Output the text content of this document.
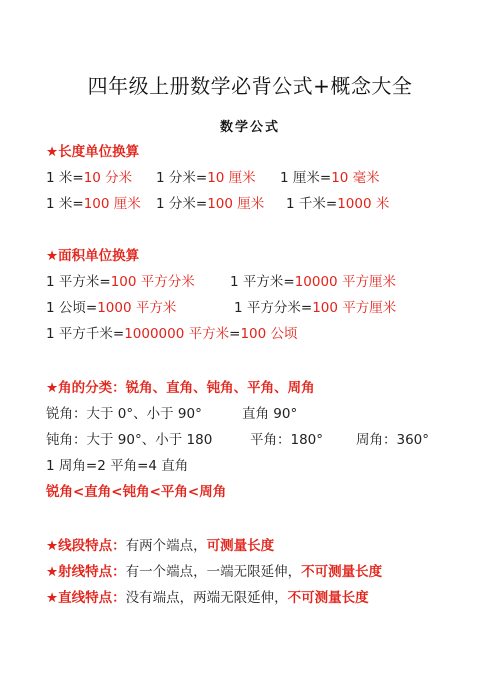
四年级上册数学必背公式+概念大全
数学公式
★长度单位换算
1 米=10 分米 1 分米=10 厘米 1 厘米=10 毫米
1 米=100 厘米 1 分米=100 厘米 1 千米=1000 米
★面积单位换算
1 平方米=100 平方分米	1 平方米=10000 平方厘米
1 公顷=1000 平方米	1 平方分米=100 平方厘米
1 平方千米=1000000 平方米=100 公顷
★角的分类：锐角、直角、钝角、平角、周角
锐角：大于 0°、小于 90°	直角 90°
钝角：大于 90°、小于 180	平角：180° 周角：360°
1 周角=2 平角=4 直角
锐角<直角<钝角<平角<周角
★线段特点：有两个端点，可测量长度
★射线特点：有一个端点，一端无限延伸，不可测量长度
★直线特点：没有端点，两端无限延伸，不可测量长度
